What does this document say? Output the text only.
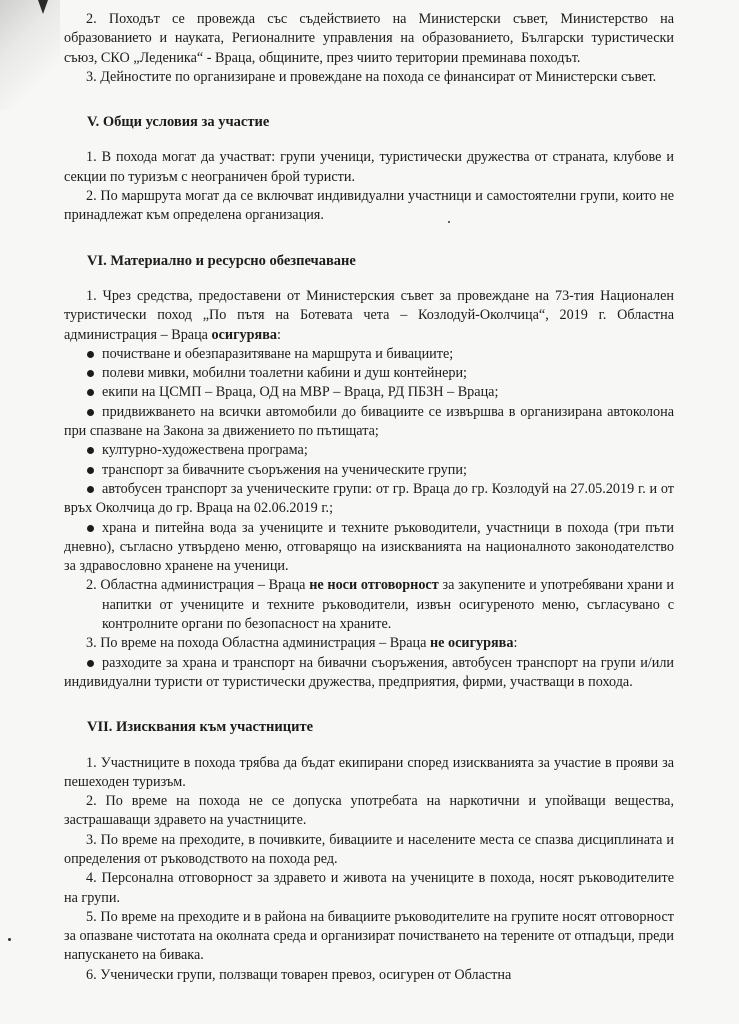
2. Походът се провежда със съдействието на Министерски съвет, Министерство на образованието и науката, Регионалните управления на образованието, Български туристически съюз, СКО „Леденика“ - Враца, общините, през чиито територии преминава походът.

3. Дейностите по организиране и провеждане на похода се финансират от Министерски съвет.

V. Общи условия за участие

1. В похода могат да участват: групи ученици, туристически дружества от страната, клубове и секции по туризъм с неограничен брой туристи.

2. По маршрута могат да се включват индивидуални участници и самостоятелни групи, които не принадлежат към определена организация.

VI. Материално и ресурсно обезпечаване

1. Чрез средства, предоставени от Министерския съвет за провеждане на 73-тия Национален туристически поход „По пътя на Ботевата чета – Козлодуй-Околчица“, 2019 г. Областна администрация – Враца осигурява:

почистване и обезпаразитяване на маршрута и бивациите;
полеви мивки, мобилни тоалетни кабини и душ контейнери;
екипи на ЦСМП – Враца, ОД на МВР – Враца, РД ПБЗН – Враца;
придвижването на всички автомобили до бивациите се извършва в организирана автоколона при спазване на Закона за движението по пътищата;
културно-художествена програма;
транспорт за бивачните съоръжения на ученическите групи;
автобусен транспорт за ученическите групи: от гр. Враца до гр. Козлодуй на 27.05.2019 г. и от връх Околчица до гр. Враца на 02.06.2019 г.;
храна и питейна вода за учениците и техните ръководители, участници в похода (три пъти дневно), съгласно утвърдено меню, отговарящо на изискванията на националното законодателство за здравословно хранене на ученици.

2. Областна администрация – Враца не носи отговорност за закупените и употребявани храни и напитки от учениците и техните ръководители, извън осигуреното меню, съгласувано с контролните органи по безопасност на храните.

3. По време на похода Областна администрация – Враца не осигурява:

разходите за храна и транспорт на бивачни съоръжения, автобусен транспорт на групи и/или индивидуални туристи от туристически дружества, предприятия, фирми, участващи в похода.
VII. Изисквания към участниците

1. Участниците в похода трябва да бъдат екипирани според изискванията за участие в прояви за пешеходен туризъм.

2. По време на похода не се допуска употребата на наркотични и упойващи вещества, застрашаващи здравето на участниците.

3. По време на преходите, в почивките, бивациите и населените места се спазва дисциплината и определения от ръководството на похода ред.

4. Персонална отговорност за здравето и живота на учениците в похода, носят ръководителите на групи.

5. По време на преходите и в района на бивациите ръководителите на групите носят отговорност за опазване чистотата на околната среда и организират почистването на терените от отпадъци, преди напускането на бивака.

6. Ученически групи, ползващи товарен превоз, осигурен от Областна
